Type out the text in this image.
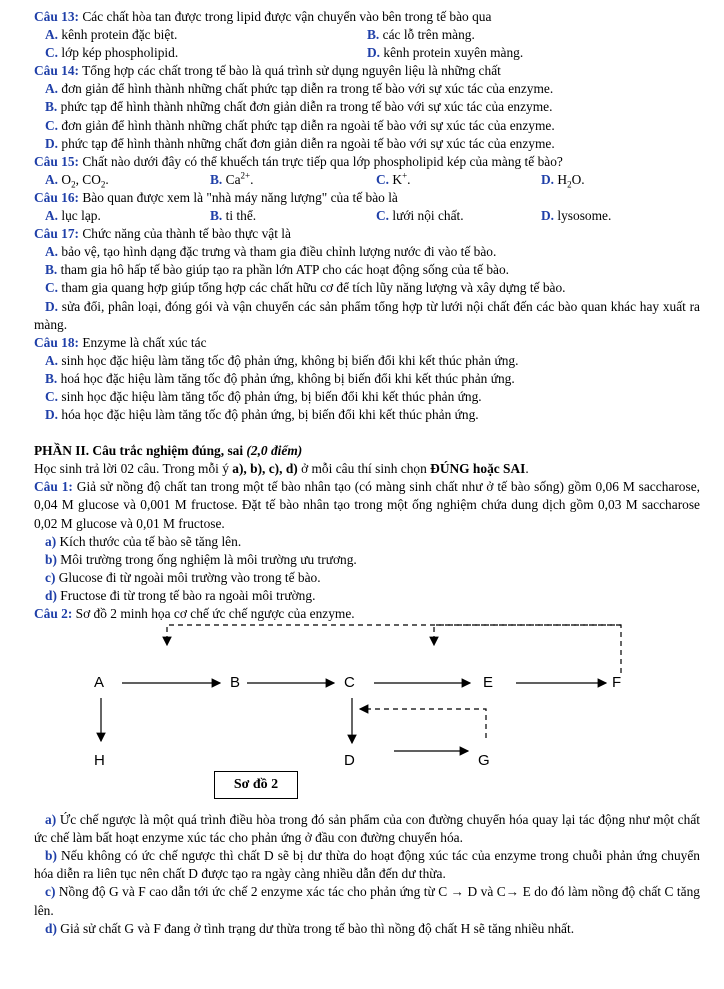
Câu 13: Các chất hòa tan được trong lipid được vận chuyển vào bên trong tế bào qua
A. kênh protein đặc biệt.	B. các lỗ trên màng.
C. lớp kép phospholipid.	D. kênh protein xuyên màng.
Câu 14: Tổng hợp các chất trong tế bào là quá trình sử dụng nguyên liệu là những chất
A. đơn giản để hình thành những chất phức tạp diễn ra trong tế bào với sự xúc tác của enzyme.
B. phức tạp để hình thành những chất đơn giản diễn ra trong tế bào với sự xúc tác của enzyme.
C. đơn giản để hình thành những chất phức tạp diễn ra ngoài tế bào với sự xúc tác của enzyme.
D. phức tạp để hình thành những chất đơn giản diễn ra ngoài tế bào với sự xúc tác của enzyme.
Câu 15: Chất nào dưới đây có thể khuếch tán trực tiếp qua lớp phospholipid kép của màng tế bào?
A. $O_2$, $CO_2$.	B. $Ca^{2+}$.	C. K+.	D. $H_2O$.
Câu 16: Bào quan được xem là "nhà máy năng lượng" của tế bào là
A. lục lạp.	B. ti thể.	C. lưới nội chất.	D. lysosome.
Câu 17: Chức năng của thành tế bào thực vật là
A. bảo vệ, tạo hình dạng đặc trưng và tham gia điều chỉnh lượng nước đi vào tế bào.
B. tham gia hô hấp tế bào giúp tạo ra phần lớn ATP cho các hoạt động sống của tế bào.
C. tham gia quang hợp giúp tổng hợp các chất hữu cơ để tích lũy năng lượng và xây dựng tế bào.
D. sửa đổi, phân loại, đóng gói và vận chuyển các sản phẩm tổng hợp từ lưới nội chất đến các bào quan khác hay xuất ra màng.
Câu 18: Enzyme là chất xúc tác
A. sinh học đặc hiệu làm tăng tốc độ phản ứng, không bị biến đổi khi kết thúc phản ứng.
B. hoá học đặc hiệu làm tăng tốc độ phản ứng, không bị biến đổi khi kết thúc phản ứng.
C. sinh học đặc hiệu làm tăng tốc độ phản ứng, bị biến đổi khi kết thúc phản ứng.
D. hóa học đặc hiệu làm tăng tốc độ phản ứng, bị biến đổi khi kết thúc phản ứng.
PHẦN II. Câu trắc nghiệm đúng, sai (2,0 điểm)
Học sinh trả lời 02 câu. Trong mỗi ý a), b), c), d) ở mỗi câu thí sinh chọn ĐÚNG hoặc SAI.
Câu 1: Giả sử nồng độ chất tan trong một tế bào nhân tạo (có màng sinh chất như ở tế bào sống) gồm 0,06 M saccharose, 0,04 M glucose và 0,001 M fructose. Đặt tế bào nhân tạo trong một ống nghiệm chứa dung dịch gồm 0,03 M saccharose 0,02 M glucose và 0,01 M fructose.
a) Kích thước của tế bào sẽ tăng lên.
b) Môi trường trong ống nghiệm là môi trường ưu trương.
c) Glucose đi từ ngoài môi trường vào trong tế bào.
d) Fructose đi từ trong tế bào ra ngoài môi trường.
Câu 2: Sơ đồ 2 minh họa cơ chế ức chế ngược của enzyme.
A	B	C	E	F
H	D	G
Sơ đồ 2
a) Ức chế ngược là một quá trình điều hòa trong đó sản phẩm của con đường chuyển hóa quay lại tác động như một chất ức chế làm bất hoạt enzyme xúc tác cho phản ứng ở đầu con đường chuyển hóa.
b) Nếu không có ức chế ngược thì chất D sẽ bị dư thừa do hoạt động xúc tác của enzyme trong chuỗi phản ứng chuyển hóa diễn ra liên tục nên chất D được tạo ra ngày càng nhiều dẫn đến dư thừa.
c) Nồng độ G và F cao dẫn tới ức chế 2 enzyme xác tác cho phản ứng từ C → D và C→ E do đó làm nồng độ chất C tăng lên.
d) Giả sử chất G và F đang ở tình trạng dư thừa trong tế bào thì nồng độ chất H sẽ tăng nhiều nhất.
